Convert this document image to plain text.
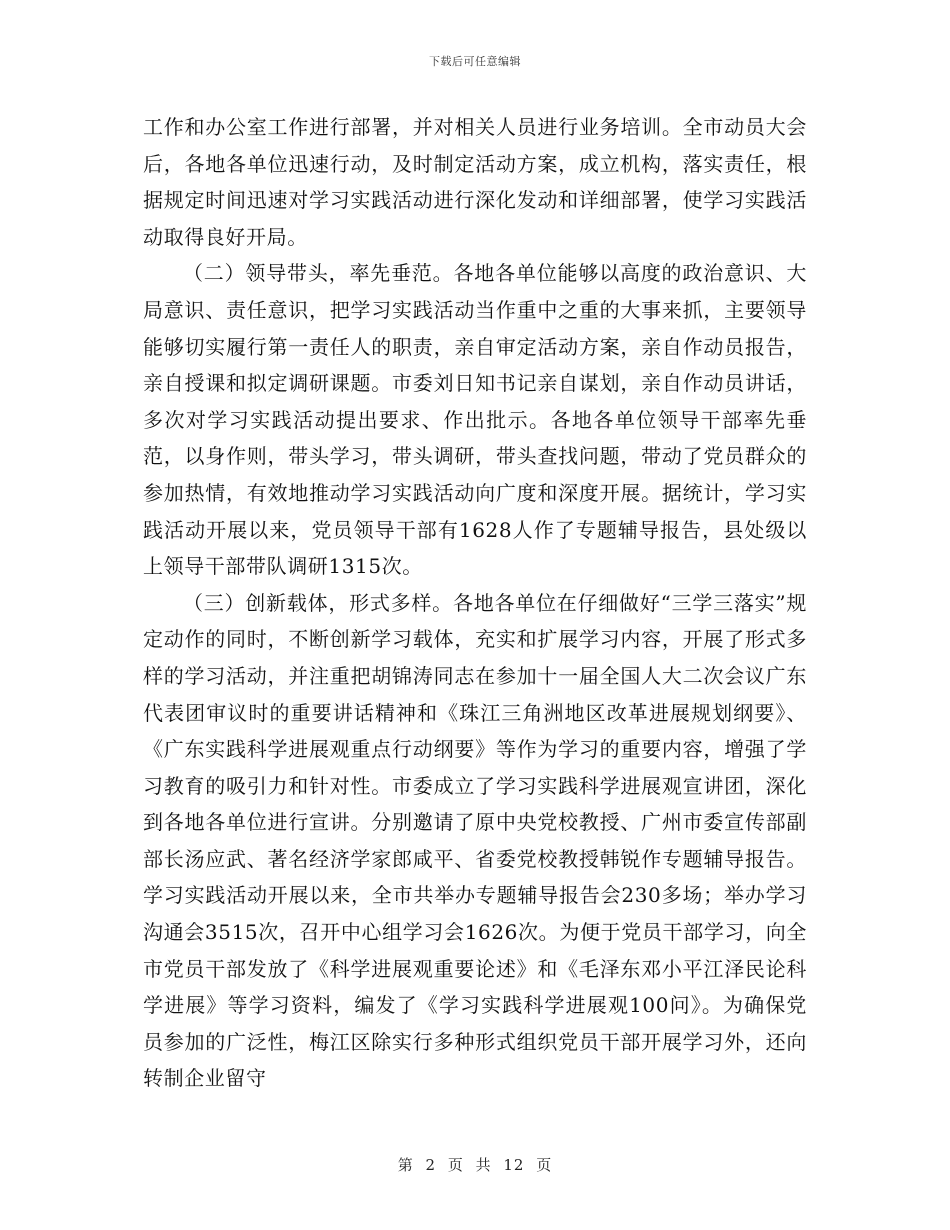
下载后可任意编辑

工作和办公室工作进行部署，并对相关人员进行业务培训。全市动员大会后，各地各单位迅速行动，及时制定活动方案，成立机构，落实责任，根据规定时间迅速对学习实践活动进行深化发动和详细部署，使学习实践活动取得良好开局。

（二）领导带头，率先垂范。各地各单位能够以高度的政治意识、大局意识、责任意识，把学习实践活动当作重中之重的大事来抓，主要领导能够切实履行第一责任人的职责，亲自审定活动方案，亲自作动员报告，亲自授课和拟定调研课题。市委刘日知书记亲自谋划，亲自作动员讲话，多次对学习实践活动提出要求、作出批示。各地各单位领导干部率先垂范，以身作则，带头学习，带头调研，带头查找问题，带动了党员群众的参加热情，有效地推动学习实践活动向广度和深度开展。据统计，学习实践活动开展以来，党员领导干部有1628人作了专题辅导报告，县处级以上领导干部带队调研1315次。

（三）创新载体，形式多样。各地各单位在仔细做好“三学三落实”规定动作的同时，不断创新学习载体，充实和扩展学习内容，开展了形式多样的学习活动，并注重把胡锦涛同志在参加十一届全国人大二次会议广东代表团审议时的重要讲话精神和《珠江三角洲地区改革进展规划纲要》、《广东实践科学进展观重点行动纲要》等作为学习的重要内容，增强了学习教育的吸引力和针对性。市委成立了学习实践科学进展观宣讲团，深化到各地各单位进行宣讲。分别邀请了原中央党校教授、广州市委宣传部副部长汤应武、著名经济学家郎咸平、省委党校教授韩锐作专题辅导报告。学习实践活动开展以来，全市共举办专题辅导报告会230多场；举办学习沟通会3515次，召开中心组学习会1626次。为便于党员干部学习，向全市党员干部发放了《科学进展观重要论述》和《毛泽东邓小平江泽民论科学进展》等学习资料，编发了《学习实践科学进展观100问》。为确保党员参加的广泛性，梅江区除实行多种形式组织党员干部开展学习外，还向转制企业留守

第 2 页 共 12 页
